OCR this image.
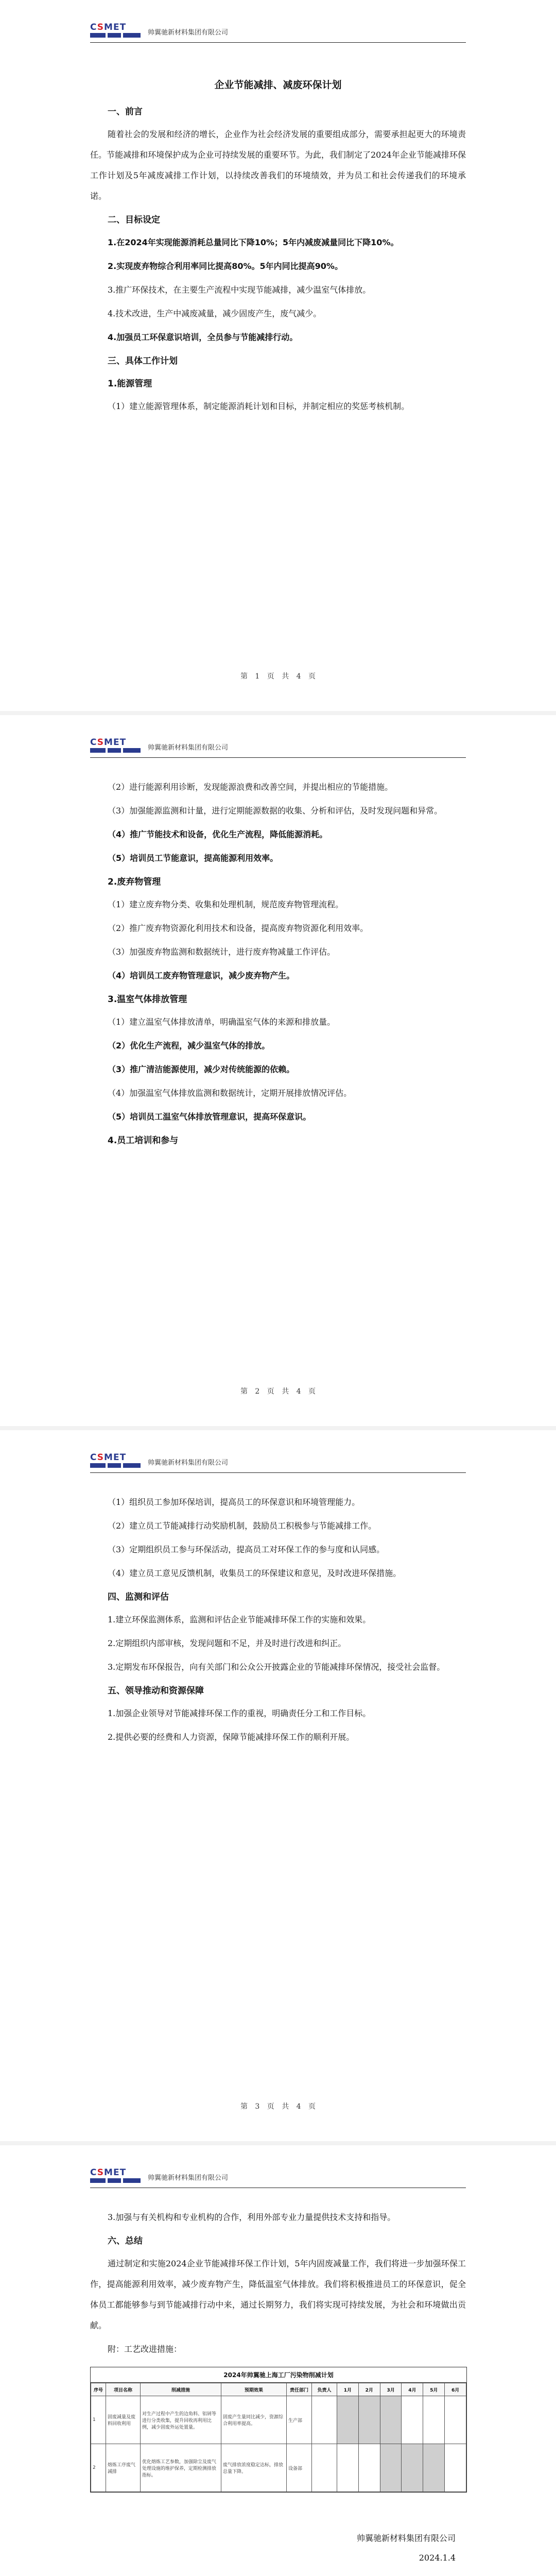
CSMET
帅翼驰新材料集团有限公司
企业节能减排、减废环保计划
一、前言

随着社会的发展和经济的增长，企业作为社会经济发展的重要组成部分，需要承担起更大的环境责任。节能减排和环境保护成为企业可持续发展的重要环节。为此，我们制定了2024年企业节能减排环保工作计划及5年减废减排工作计划，以持续改善我们的环境绩效，并为员工和社会传递我们的环境承诺。

二、目标设定

1.在2024年实现能源消耗总量同比下降10%；5年内减废减量同比下降10%。

2.实现废弃物综合利用率同比提高80%。5年内同比提高90%。

3.推广环保技术，在主要生产流程中实现节能减排，减少温室气体排放。

4.技术改进，生产中减废减量，减少固废产生，废气减少。

4.加强员工环保意识培训，全员参与节能减排行动。

三、具体工作计划
1.能源管理

（1）建立能源管理体系，制定能源消耗计划和目标，并制定相应的奖惩考核机制。

第 1 页 共 4 页
CSMET
帅翼驰新材料集团有限公司

（2）进行能源利用诊断，发现能源浪费和改善空间，并提出相应的节能措施。

（3）加强能源监测和计量，进行定期能源数据的收集、分析和评估，及时发现问题和异常。

（4）推广节能技术和设备，优化生产流程，降低能源消耗。

（5）培训员工节能意识，提高能源利用效率。

2.废弃物管理

（1）建立废弃物分类、收集和处理机制，规范废弃物管理流程。

（2）推广废弃物资源化利用技术和设备，提高废弃物资源化利用效率。

（3）加强废弃物监测和数据统计，进行废弃物减量工作评估。

（4）培训员工废弃物管理意识，减少废弃物产生。

3.温室气体排放管理

（1）建立温室气体排放清单，明确温室气体的来源和排放量。

（2）优化生产流程，减少温室气体的排放。

（3）推广清洁能源使用，减少对传统能源的依赖。

（4）加强温室气体排放监测和数据统计，定期开展排放情况评估。

（5）培训员工温室气体排放管理意识，提高环保意识。

4.员工培训和参与
第 2 页 共 4 页
CSMET
帅翼驰新材料集团有限公司

（1）组织员工参加环保培训，提高员工的环保意识和环境管理能力。

（2）建立员工节能减排行动奖励机制，鼓励员工积极参与节能减排工作。

（3）定期组织员工参与环保活动，提高员工对环保工作的参与度和认同感。

（4）建立员工意见反馈机制，收集员工的环保建议和意见，及时改进环保措施。

四、监测和评估

1.建立环保监测体系，监测和评估企业节能减排环保工作的实施和效果。

2.定期组织内部审核，发现问题和不足，并及时进行改进和纠正。

3.定期发布环保报告，向有关部门和公众公开披露企业的节能减排环保情况，接受社会监督。

五、领导推动和资源保障

1.加强企业领导对节能减排环保工作的重视，明确责任分工和工作目标。

2.提供必要的经费和人力资源，保障节能减排环保工作的顺利开展。

第 3 页 共 4 页
CSMET
帅翼驰新材料集团有限公司

3.加强与有关机构和专业机构的合作，利用外部专业力量提供技术支持和指导。

六、总结

通过制定和实施2024企业节能减排环保工作计划，5年内固废减量工作，我们将进一步加强环保工作，提高能源利用效率，减少废弃物产生，降低温室气体排放。我们将积极推进员工的环保意识，促全体员工都能够参与到节能减排行动中来，通过长期努力，我们将实现可持续发展，为社会和环境做出贡献。

附：工艺改进措施：

2024年帅翼驰上海工厂污染物削减计划
序号	项目名称	削减措施	预期效果	责任部门	负责人	1月	2月	3月	4月	5月	6月
1	固废减量及废料回收利用	对生产过程中产生的边角料、铝屑等进行分类收集，提升回收再利用比例，减少固废外运处置量。	固废产生量同比减少，资源综合利用率提高。	生产部							
2	熔炼工序废气减排	优化熔炼工艺参数，加强除尘及废气处理设施的维护保养，定期检测排放指标。	废气排放浓度稳定达标，排放总量下降。	设备部							
帅翼驰新材料集团有限公司
2024.1.4
